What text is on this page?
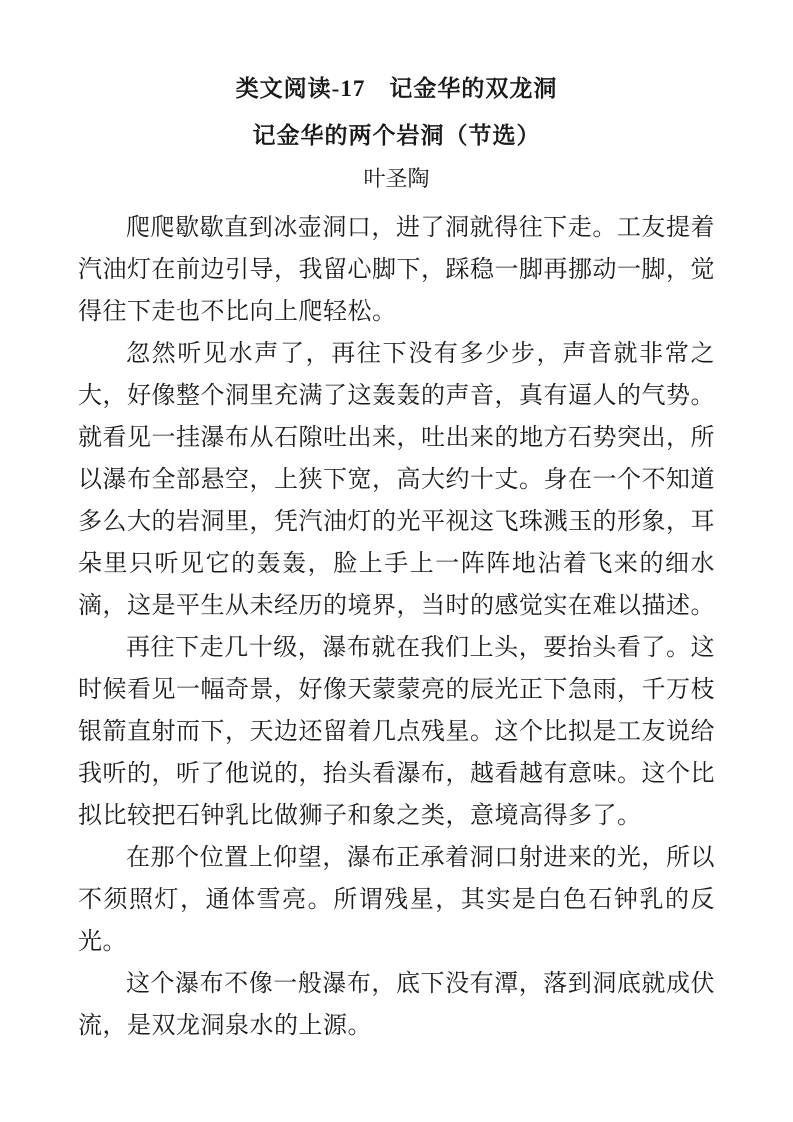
类文阅读-17　记金华的双龙洞
记金华的两个岩洞（节选）
叶圣陶

爬爬歇歇直到冰壶洞口，进了洞就得往下走。工友提着汽油灯在前边引导，我留心脚下，踩稳一脚再挪动一脚，觉得往下走也不比向上爬轻松。

忽然听见水声了，再往下没有多少步，声音就非常之大，好像整个洞里充满了这轰轰的声音，真有逼人的气势。就看见一挂瀑布从石隙吐出来，吐出来的地方石势突出，所以瀑布全部悬空，上狭下宽，高大约十丈。身在一个不知道多么大的岩洞里，凭汽油灯的光平视这飞珠溅玉的形象，耳朵里只听见它的轰轰，脸上手上一阵阵地沾着飞来的细水滴，这是平生从未经历的境界，当时的感觉实在难以描述。

再往下走几十级，瀑布就在我们上头，要抬头看了。这时候看见一幅奇景，好像天蒙蒙亮的辰光正下急雨，千万枝银箭直射而下，天边还留着几点残星。这个比拟是工友说给我听的，听了他说的，抬头看瀑布，越看越有意味。这个比拟比较把石钟乳比做狮子和象之类，意境高得多了。

在那个位置上仰望，瀑布正承着洞口射进来的光，所以不须照灯，通体雪亮。所谓残星，其实是白色石钟乳的反光。

这个瀑布不像一般瀑布，底下没有潭，落到洞底就成伏流，是双龙洞泉水的上源。
